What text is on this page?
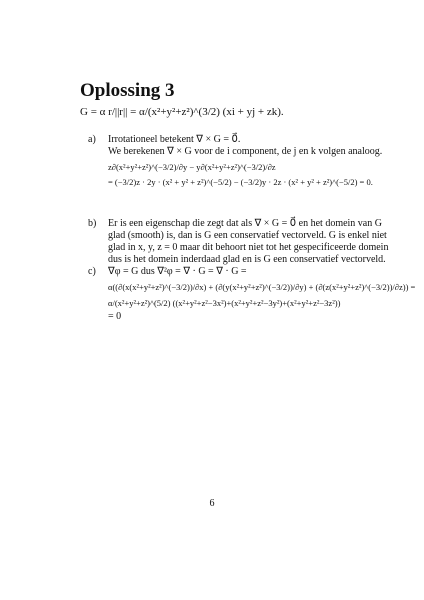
Oplossing 3
G = α r/||r|| = α/(x²+y²+z²)^(3/2) (xi + yj + zk).
a) Irrotationeel betekent ∇ × G = 0⃗.
We berekenen ∇ × G voor de i component, de j en k volgen analoog.
z∂(x²+y²+z²)^(−3/2)/∂y − y∂(x²+y²+z²)^(−3/2)/∂z
= (−3/2)z · 2y · (x² + y² + z²)^(−5/2) − (−3/2)y · 2z · (x² + y² + z²)^(−5/2) = 0.
b) Er is een eigenschap die zegt dat als ∇ × G = 0⃗ en het domein van G
glad (smooth) is, dan is G een conservatief vectorveld. G is enkel niet
glad in x, y, z = 0 maar dit behoort niet tot het gespecificeerde domein
dus is het domein inderdaad glad en is G een conservatief vectorveld.
c) ∇φ = G dus ∇²φ = ∇ · G = ∇ · G =
α((∂(x(x²+y²+z²)^(−3/2))/∂x) + (∂(y(x²+y²+z²)^(−3/2))/∂y) + (∂(z(x²+y²+z²)^(−3/2))/∂z)) =
α/(x²+y²+z²)^(5/2) ((x²+y²+z²−3x²)+(x²+y²+z²−3y²)+(x²+y²+z²−3z²))
= 0
6
